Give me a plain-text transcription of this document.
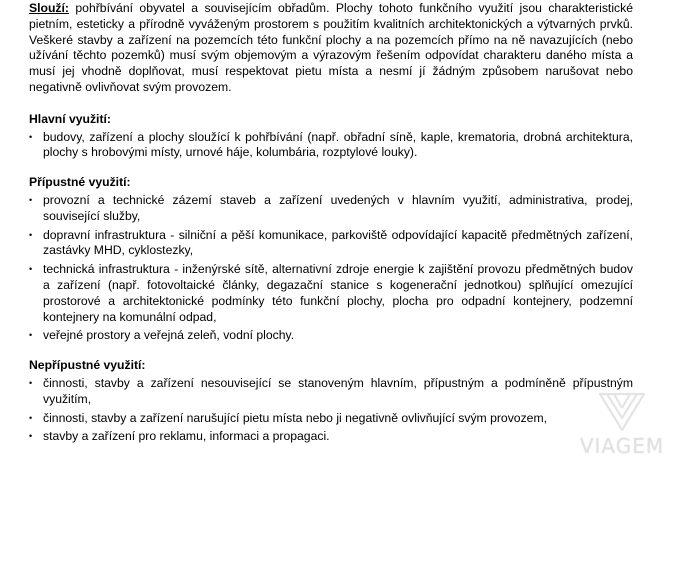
Slouží: pohřbívání obyvatel a souvisejícím obřadům. Plochy tohoto funkčního využití jsou charakteristické pietním, esteticky a přírodně vyváženým prostorem s použitím kvalitních architektonických a výtvarných prvků. Veškeré stavby a zařízení na pozemcích této funkční plochy a na pozemcích přímo na ně navazujících (nebo užívání těchto pozemků) musí svým objemovým a výrazovým řešením odpovídat charakteru daného místa a musí jej vhodně doplňovat, musí respektovat pietu místa a nesmí jí žádným způsobem narušovat nebo negativně ovlivňovat svým provozem.

Hlavní využití:

• budovy, zařízení a plochy sloužící k pohřbívání (např. obřadní síně, kaple, krematoria, drobná architektura, plochy s hrobovými místy, urnové háje, kolumbária, rozptylové louky).

Přípustné využití:

• provozní a technické zázemí staveb a zařízení uvedených v hlavním využití, administrativa, prodej, související služby,
• dopravní infrastruktura - silniční a pěší komunikace, parkoviště odpovídající kapacitě předmětných zařízení, zastávky MHD, cyklostezky,
• technická infrastruktura - inženýrské sítě, alternativní zdroje energie k zajištění provozu předmětných budov a zařízení (např. fotovoltaické články, degazační stanice s kogenerační jednotkou) splňující omezující prostorové a architektonické podmínky této funkční plochy, plocha pro odpadní kontejnery, podzemní kontejnery na komunální odpad,
• veřejné prostory a veřejná zeleň, vodní plochy.

Nepřípustné využití:

• činnosti, stavby a zařízení nesouvisející se stanoveným hlavním, přípustným a podmíněně přípustným využitím,
• činnosti, stavby a zařízení narušující pietu místa nebo ji negativně ovlivňující svým provozem,
• stavby a zařízení pro reklamu, informaci a propagaci.	VIAGEM
